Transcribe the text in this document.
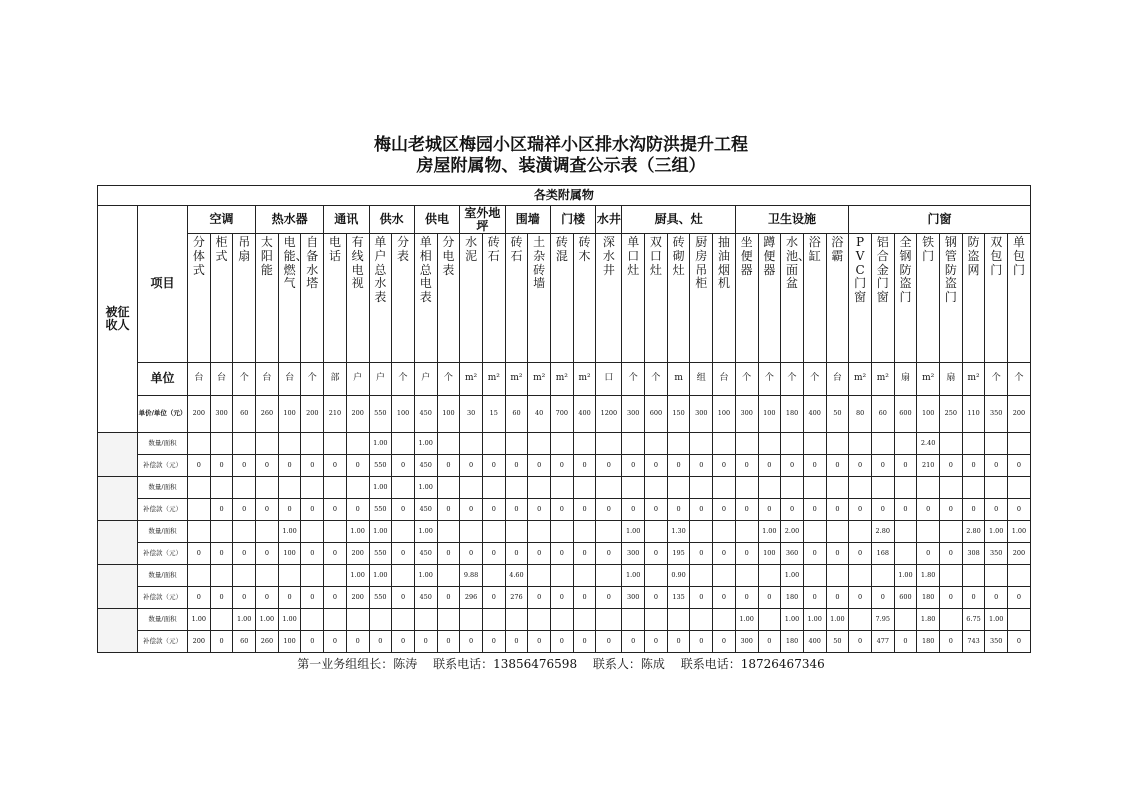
梅山老城区梅园小区瑞祥小区排水沟防洪提升工程
房屋附属物、装潢调查公示表（三组）
各类附属物																																						
被征收人	项目	空调			热水器			通讯		供水		供电		室外地坪		围墙		门楼		水井	厨具、灶					卫生设施					门窗							

		分体式	柜式	吊扇	太阳能	电能、燃气	自备水塔	电话	有线电视	单户总水表	分表	单相总电表	分电表	水泥	砖石	砖石	土杂砖墙	砖混	砖木	深水井	单口灶	双口灶	砖砌灶	厨房吊柜	抽油烟机	坐便器	蹲便器	水池、面盆	浴缸	浴霸	PVC门窗	铝合金门窗	全钢防盗门	铁门	钢管防盗门	防盗网	双包门	单包门

	单位	台	台	个	台	台	个	部	户	户	个	户	个	m²	m²	m²	m²	m²	m²	口	个	个	m	组	台	个	个	个	个	台	m²	m²	扇	m²	扇	m²	个	个
	单价/单位（元）	200	300	60	260	100	200	210	200	550	100	450	100	30	15	60	40	700	400	1200	300	600	150	300	100	300	100	180	400	50	80	60	600	100	250	110	350	200
	数量/面积									1.00		1.00																						2.40				
	补偿款（元）	0	0	0	0	0	0	0	0	550	0	450	0	0	0	0	0	0	0	0	0	0	0	0	0	0	0	0	0	0	0	0	0	210	0	0	0	0
	数量/面积									1.00		1.00																										
	补偿款（元）		0	0	0	0	0	0	0	550	0	450	0	0	0	0	0	0	0	0	0	0	0	0	0	0	0	0	0	0	0	0	0	0	0	0	0	0
	数量/面积					1.00			1.00	1.00		1.00									1.00		1.30				1.00	2.00				2.80				2.80	1.00	1.00
	补偿款（元）	0	0	0	0	100	0	0	200	550	0	450	0	0	0	0	0	0	0	0	300	0	195	0	0	0	100	360	0	0	0	168		0	0	308	350	200
	数量/面积								1.00	1.00		1.00		9.88		4.60					1.00		0.90					1.00					1.00	1.80				
	补偿款（元）	0	0	0	0	0	0	0	200	550	0	450	0	296	0	276	0	0	0	0	300	0	135	0	0	0	0	180	0	0	0	0	600	180	0	0	0	0
	数量/面积	1.00		1.00	1.00	1.00																				1.00		1.00	1.00	1.00		7.95		1.80		6.75	1.00	
	补偿款（元）	200	0	60	260	100	0	0	0	0	0	0	0	0	0	0	0	0	0	0	0	0	0	0	0	300	0	180	400	50	0	477	0	180	0	743	350	0
第一业务组组长：陈涛 联系电话：13856476598 联系人：陈成 联系电话：18726467346
